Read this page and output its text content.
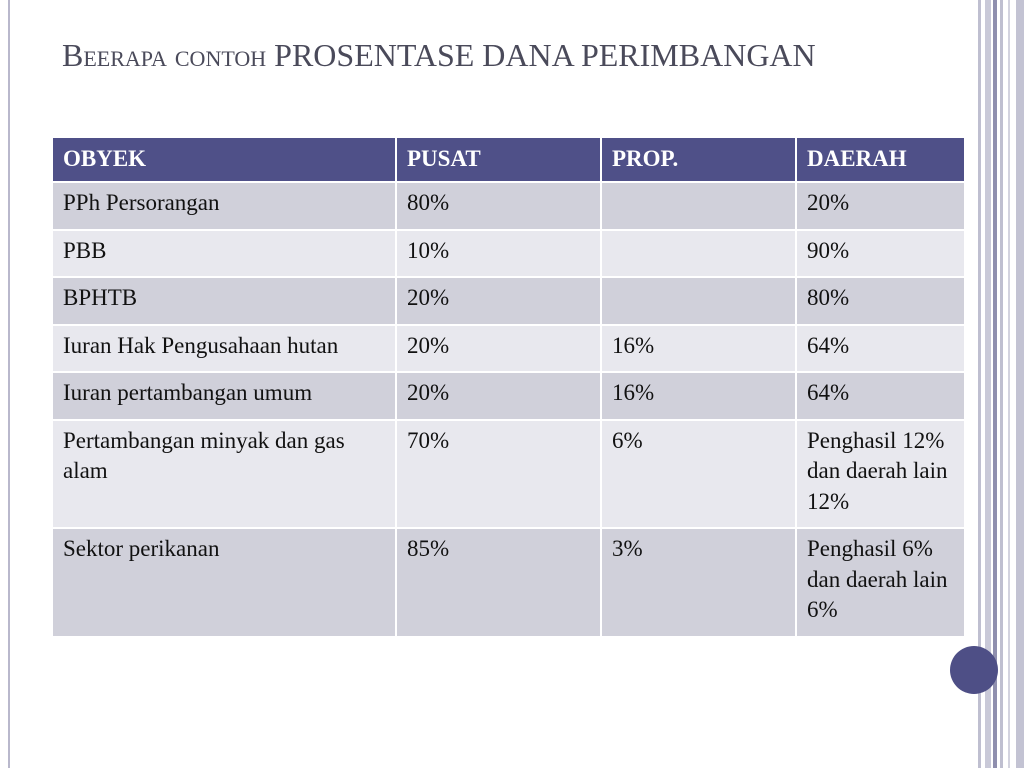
Beerapa contoh PROSENTASE DANA PERIMBANGAN
OBYEK	PUSAT	PROP.	DAERAH
PPh Persorangan	80%		20%
PBB	10%		90%
BPHTB	20%		80%
Iuran Hak Pengusahaan hutan	20%	16%	64%
Iuran pertambangan umum	20%	16%	64%
Pertambangan minyak dan gas alam	70%	6%	Penghasil 12% dan daerah lain 12%
Sektor perikanan	85%	3%	Penghasil 6% dan daerah lain 6%
